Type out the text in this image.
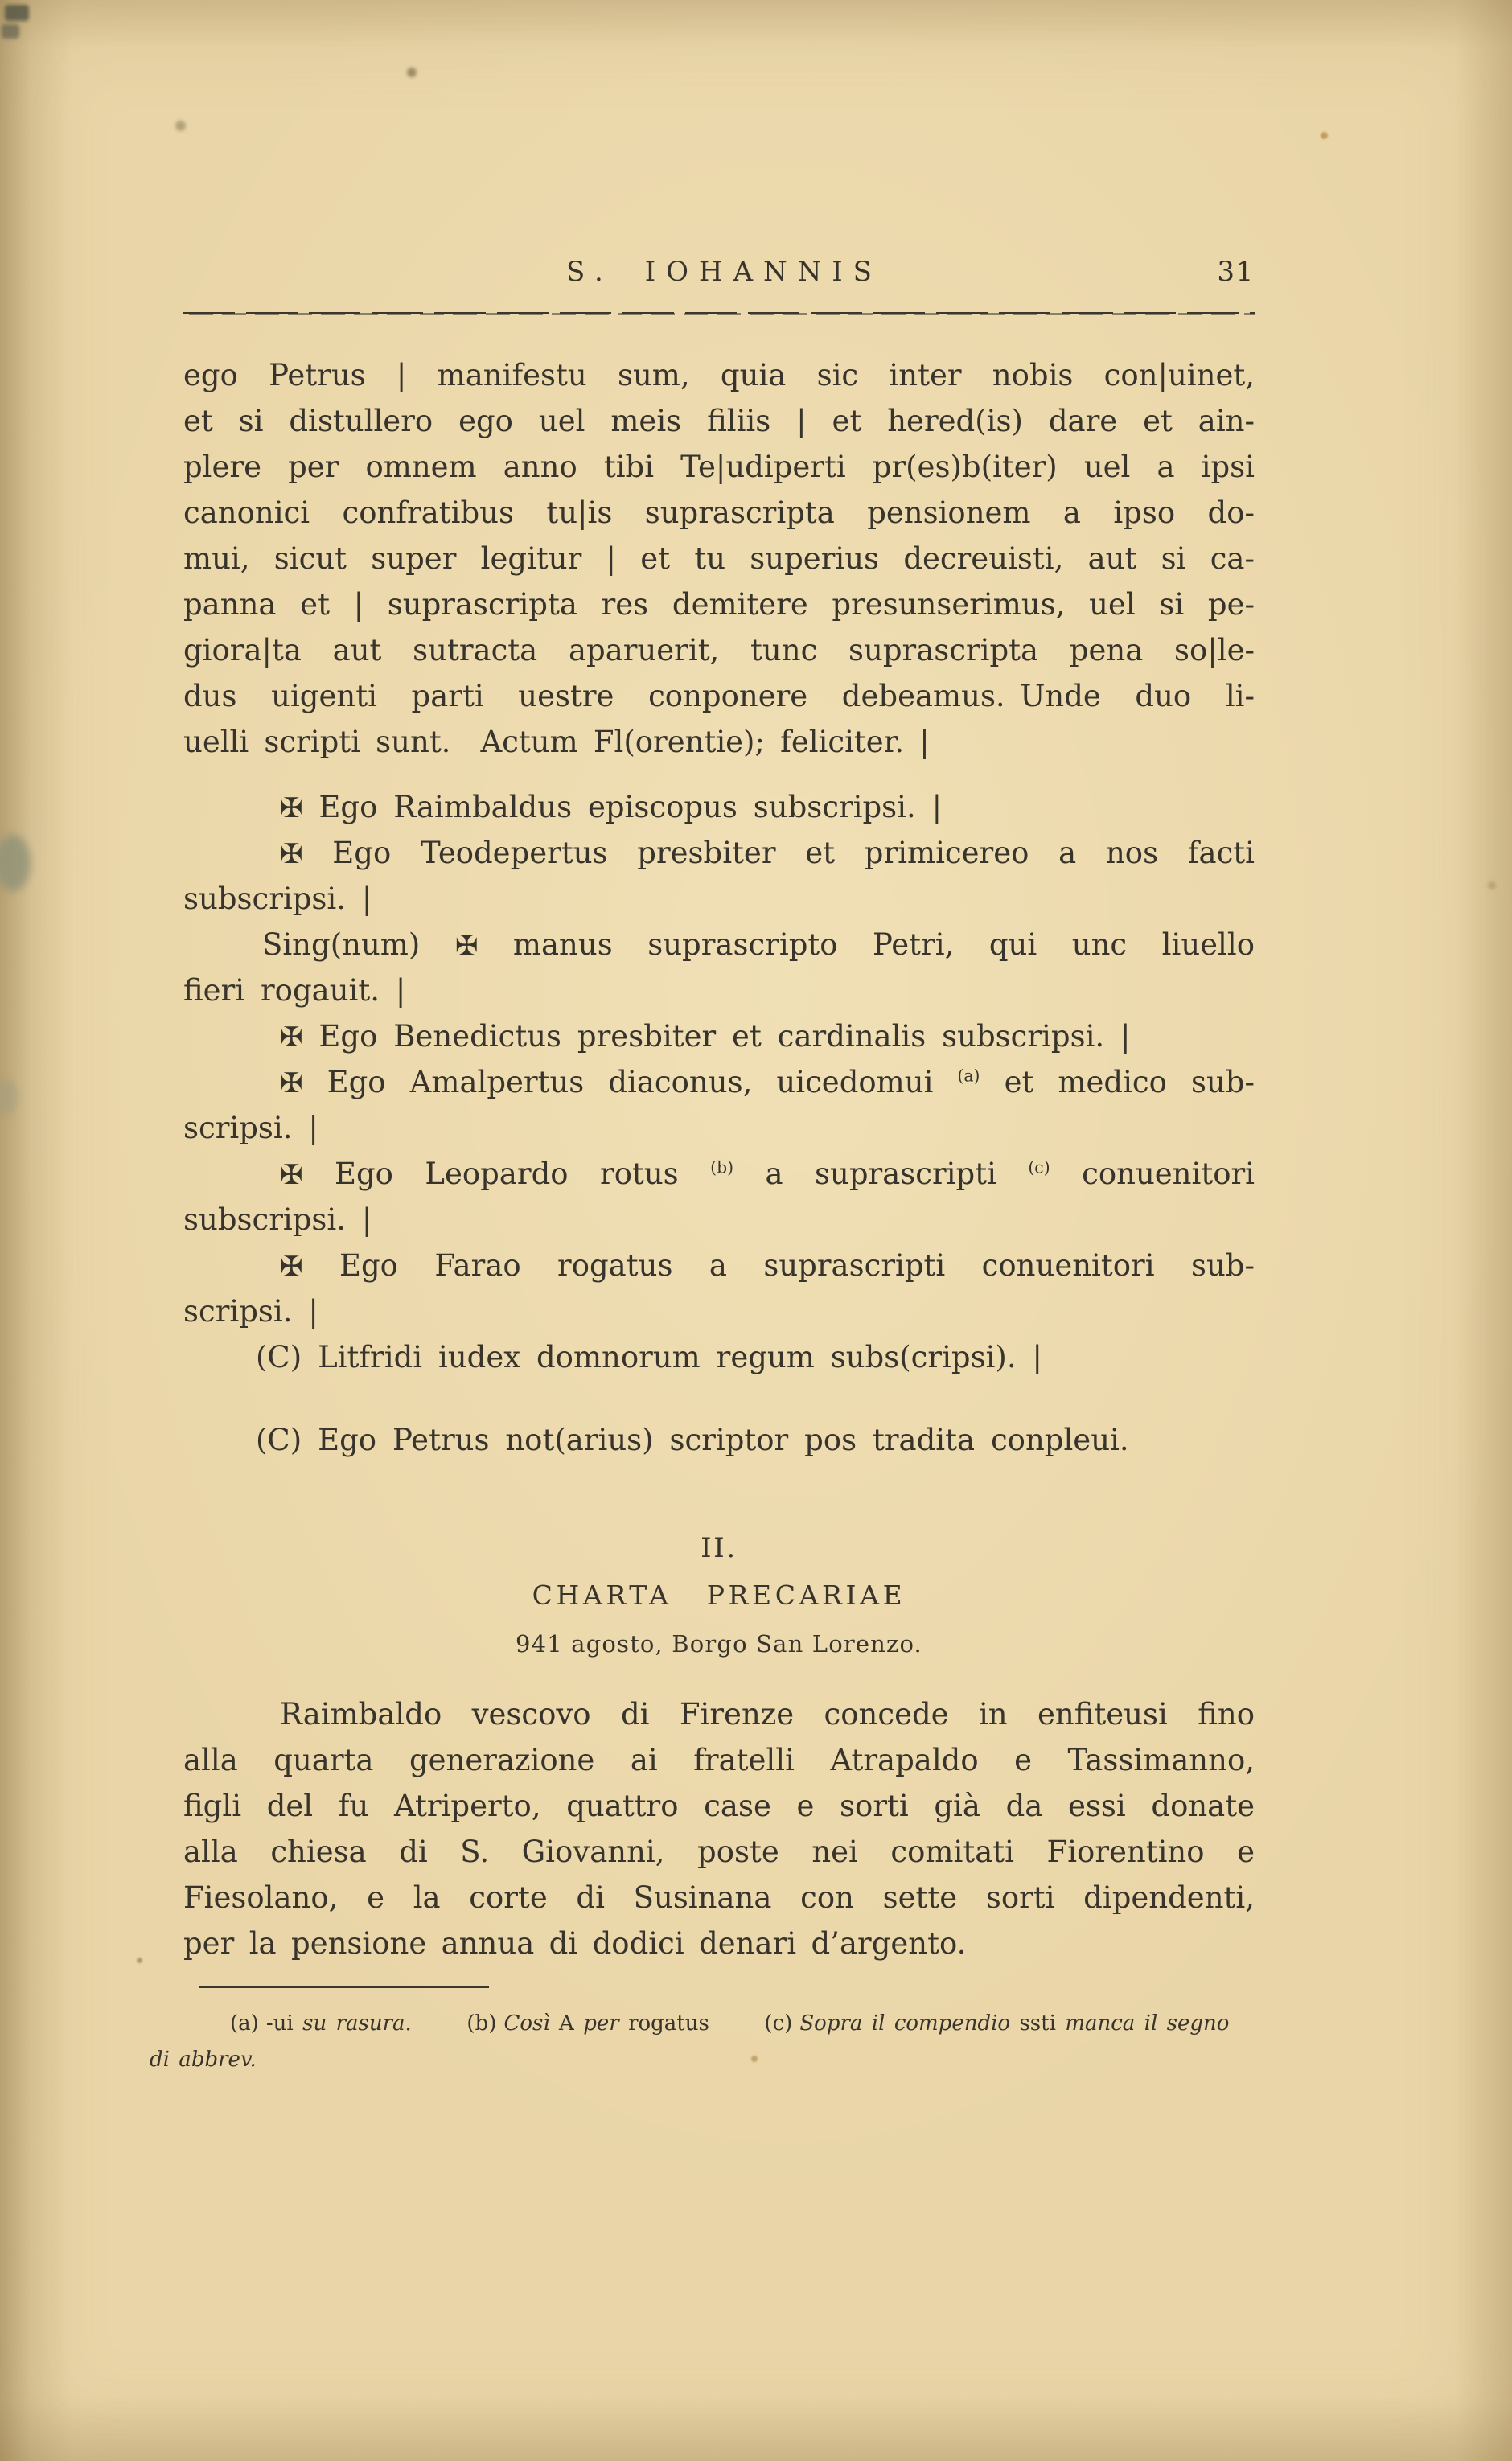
S. IOHANNIS	31
ego Petrus | manifestu sum, quia sic inter nobis con|uinet,
et si distullero ego uel meis filiis | et hered(is) dare et ain-
plere per omnem anno tibi Te|udiperti pr(es)b(iter) uel a ipsi
canonici confratibus tu|is suprascripta pensionem a ipso do-
mui, sicut super legitur | et tu superius decreuisti, aut si ca-
panna et | suprascripta res demitere presunserimus, uel si pe-
giora|ta aut sutracta aparuerit, tunc suprascripta pena so|le-
dus uigenti parti uestre conponere debeamus. Unde duo li-
uelli scripti sunt. Actum Fl(orentie); feliciter. |
✠ Ego Raimbaldus episcopus subscripsi. |
✠ Ego Teodepertus presbiter et primicereo a nos facti
subscripsi. |
Sing(num) ✠ manus suprascripto Petri, qui unc liuello
fieri rogauit. |
✠ Ego Benedictus presbiter et cardinalis subscripsi. |
✠ Ego Amalpertus diaconus, uicedomui $^{(a)}$ et medico sub-
scripsi. |
✠ Ego Leopardo rotus $^{(b)}$ a suprascripti $^{(c)}$ conuenitori
subscripsi. |
✠ Ego Farao rogatus a suprascripti conuenitori sub-
scripsi. |
(C) Litfridi iudex domnorum regum subs(cripsi). |
(C) Ego Petrus not(arius) scriptor pos tradita conpleui.
II.
CHARTA PRECARIAE
941 agosto, Borgo San Lorenzo.
Raimbaldo vescovo di Firenze concede in enfiteusi fino
alla quarta generazione ai fratelli Atrapaldo e Tassimanno,
figli del fu Atriperto, quattro case e sorti già da essi donate
alla chiesa di S. Giovanni, poste nei comitati Fiorentino e
Fiesolano, e la corte di Susinana con sette sorti dipendenti,
per la pensione annua di dodici denari d’argento.
(a) -ui su rasura.	(b) Così A per rogatus	(c) Sopra il compendio ssti manca il segno
di abbrev.
